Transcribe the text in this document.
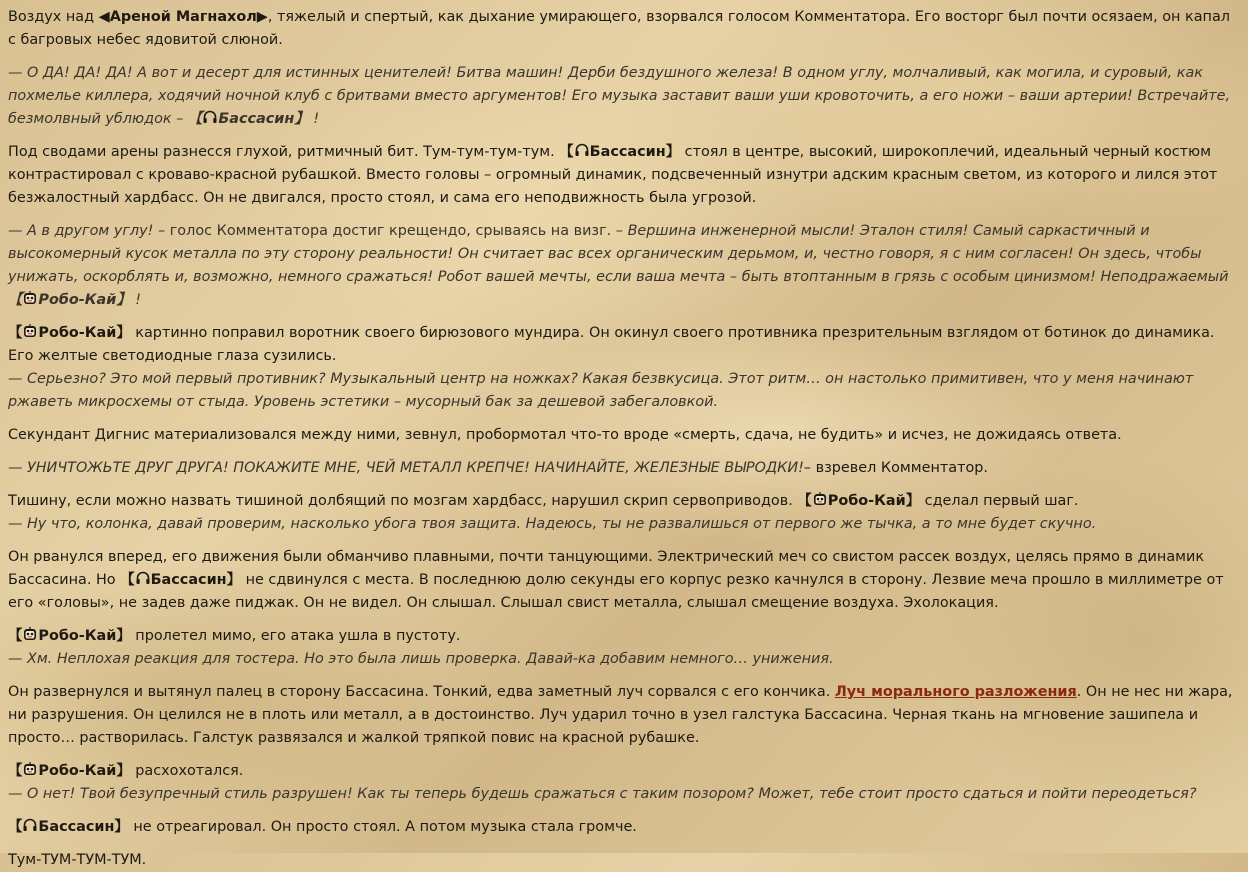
Воздух над ◀Ареной Магнахол▶, тяжелый и спертый, как дыхание умирающего, взорвался голосом Комментатора. Его восторг был почти осязаем, он капал с багровых небес ядовитой слюной.

— О ДА! ДА! ДА! А вот и десерт для истинных ценителей! Битва машин! Дерби бездушного железа! В одном углу, молчаливый, как могила, и суровый, как похмелье киллера, ходячий ночной клуб с бритвами вместо аргументов! Его музыка заставит ваши уши кровоточить, а его ножи – ваши артерии! Встречайте, безмолвный ублюдок – 【 Бассасин】 !

Под сводами арены разнесся глухой, ритмичный бит. Тум-тум-тум-тум. 【 Бассасин】 стоял в центре, высокий, широкоплечий, идеальный черный костюм контрастировал с кроваво-красной рубашкой. Вместо головы – огромный динамик, подсвеченный изнутри адским красным светом, из которого и лился этот безжалостный хардбасс. Он не двигался, просто стоял, и сама его неподвижность была угрозой.

— А в другом углу! – голос Комментатора достиг крещендо, срываясь на визг. – Вершина инженерной мысли! Эталон стиля! Самый саркастичный и высокомерный кусок металла по эту сторону реальности! Он считает вас всех органическим дерьмом, и, честно говоря, я с ним согласен! Он здесь, чтобы унижать, оскорблять и, возможно, немного сражаться! Робот вашей мечты, если ваша мечта – быть втоптанным в грязь с особым цинизмом! Неподражаемый 【 Робо-Кай】 !

【 Робо-Кай】 картинно поправил воротник своего бирюзового мундира. Он окинул своего противника презрительным взглядом от ботинок до динамика. Его желтые светодиодные глаза сузились.
— Серьезно? Это мой первый противник? Музыкальный центр на ножках? Какая безвкусица. Этот ритм… он настолько примитивен, что у меня начинают ржаветь микросхемы от стыда. Уровень эстетики – мусорный бак за дешевой забегаловкой.

Секундант Дигнис материализовался между ними, зевнул, пробормотал что-то вроде «смерть, сдача, не будить» и исчез, не дожидаясь ответа.

— УНИЧТОЖЬТЕ ДРУГ ДРУГА! ПОКАЖИТЕ МНЕ, ЧЕЙ МЕТАЛЛ КРЕПЧЕ! НАЧИНАЙТЕ, ЖЕЛЕЗНЫЕ ВЫРОДКИ!– взревел Комментатор.

Тишину, если можно назвать тишиной долбящий по мозгам хардбасс, нарушил скрип сервоприводов. 【 Робо-Кай】 сделал первый шаг.
— Ну что, колонка, давай проверим, насколько убога твоя защита. Надеюсь, ты не развалишься от первого же тычка, а то мне будет скучно.

Он рванулся вперед, его движения были обманчиво плавными, почти танцующими. Электрический меч со свистом рассек воздух, целясь прямо в динамик Бассасина. Но 【 Бассасин】 не сдвинулся с места. В последнюю долю секунды его корпус резко качнулся в сторону. Лезвие меча прошло в миллиметре от его «головы», не задев даже пиджак. Он не видел. Он слышал. Слышал свист металла, слышал смещение воздуха. Эхолокация.

【 Робо-Кай】 пролетел мимо, его атака ушла в пустоту.
— Хм. Неплохая реакция для тостера. Но это была лишь проверка. Давай-ка добавим немного… унижения.

Он развернулся и вытянул палец в сторону Бассасина. Тонкий, едва заметный луч сорвался с его кончика. Луч морального разложения. Он не нес ни жара, ни разрушения. Он целился не в плоть или металл, а в достоинство. Луч ударил точно в узел галстука Бассасина. Черная ткань на мгновение зашипела и просто… растворилась. Галстук развязался и жалкой тряпкой повис на красной рубашке.

【 Робо-Кай】 расхохотался.
— О нет! Твой безупречный стиль разрушен! Как ты теперь будешь сражаться с таким позором? Может, тебе стоит просто сдаться и пойти переодеться?

【 Бассасин】 не отреагировал. Он просто стоял. А потом музыка стала громче.

Тум-ТУМ-ТУМ-ТУМ.
